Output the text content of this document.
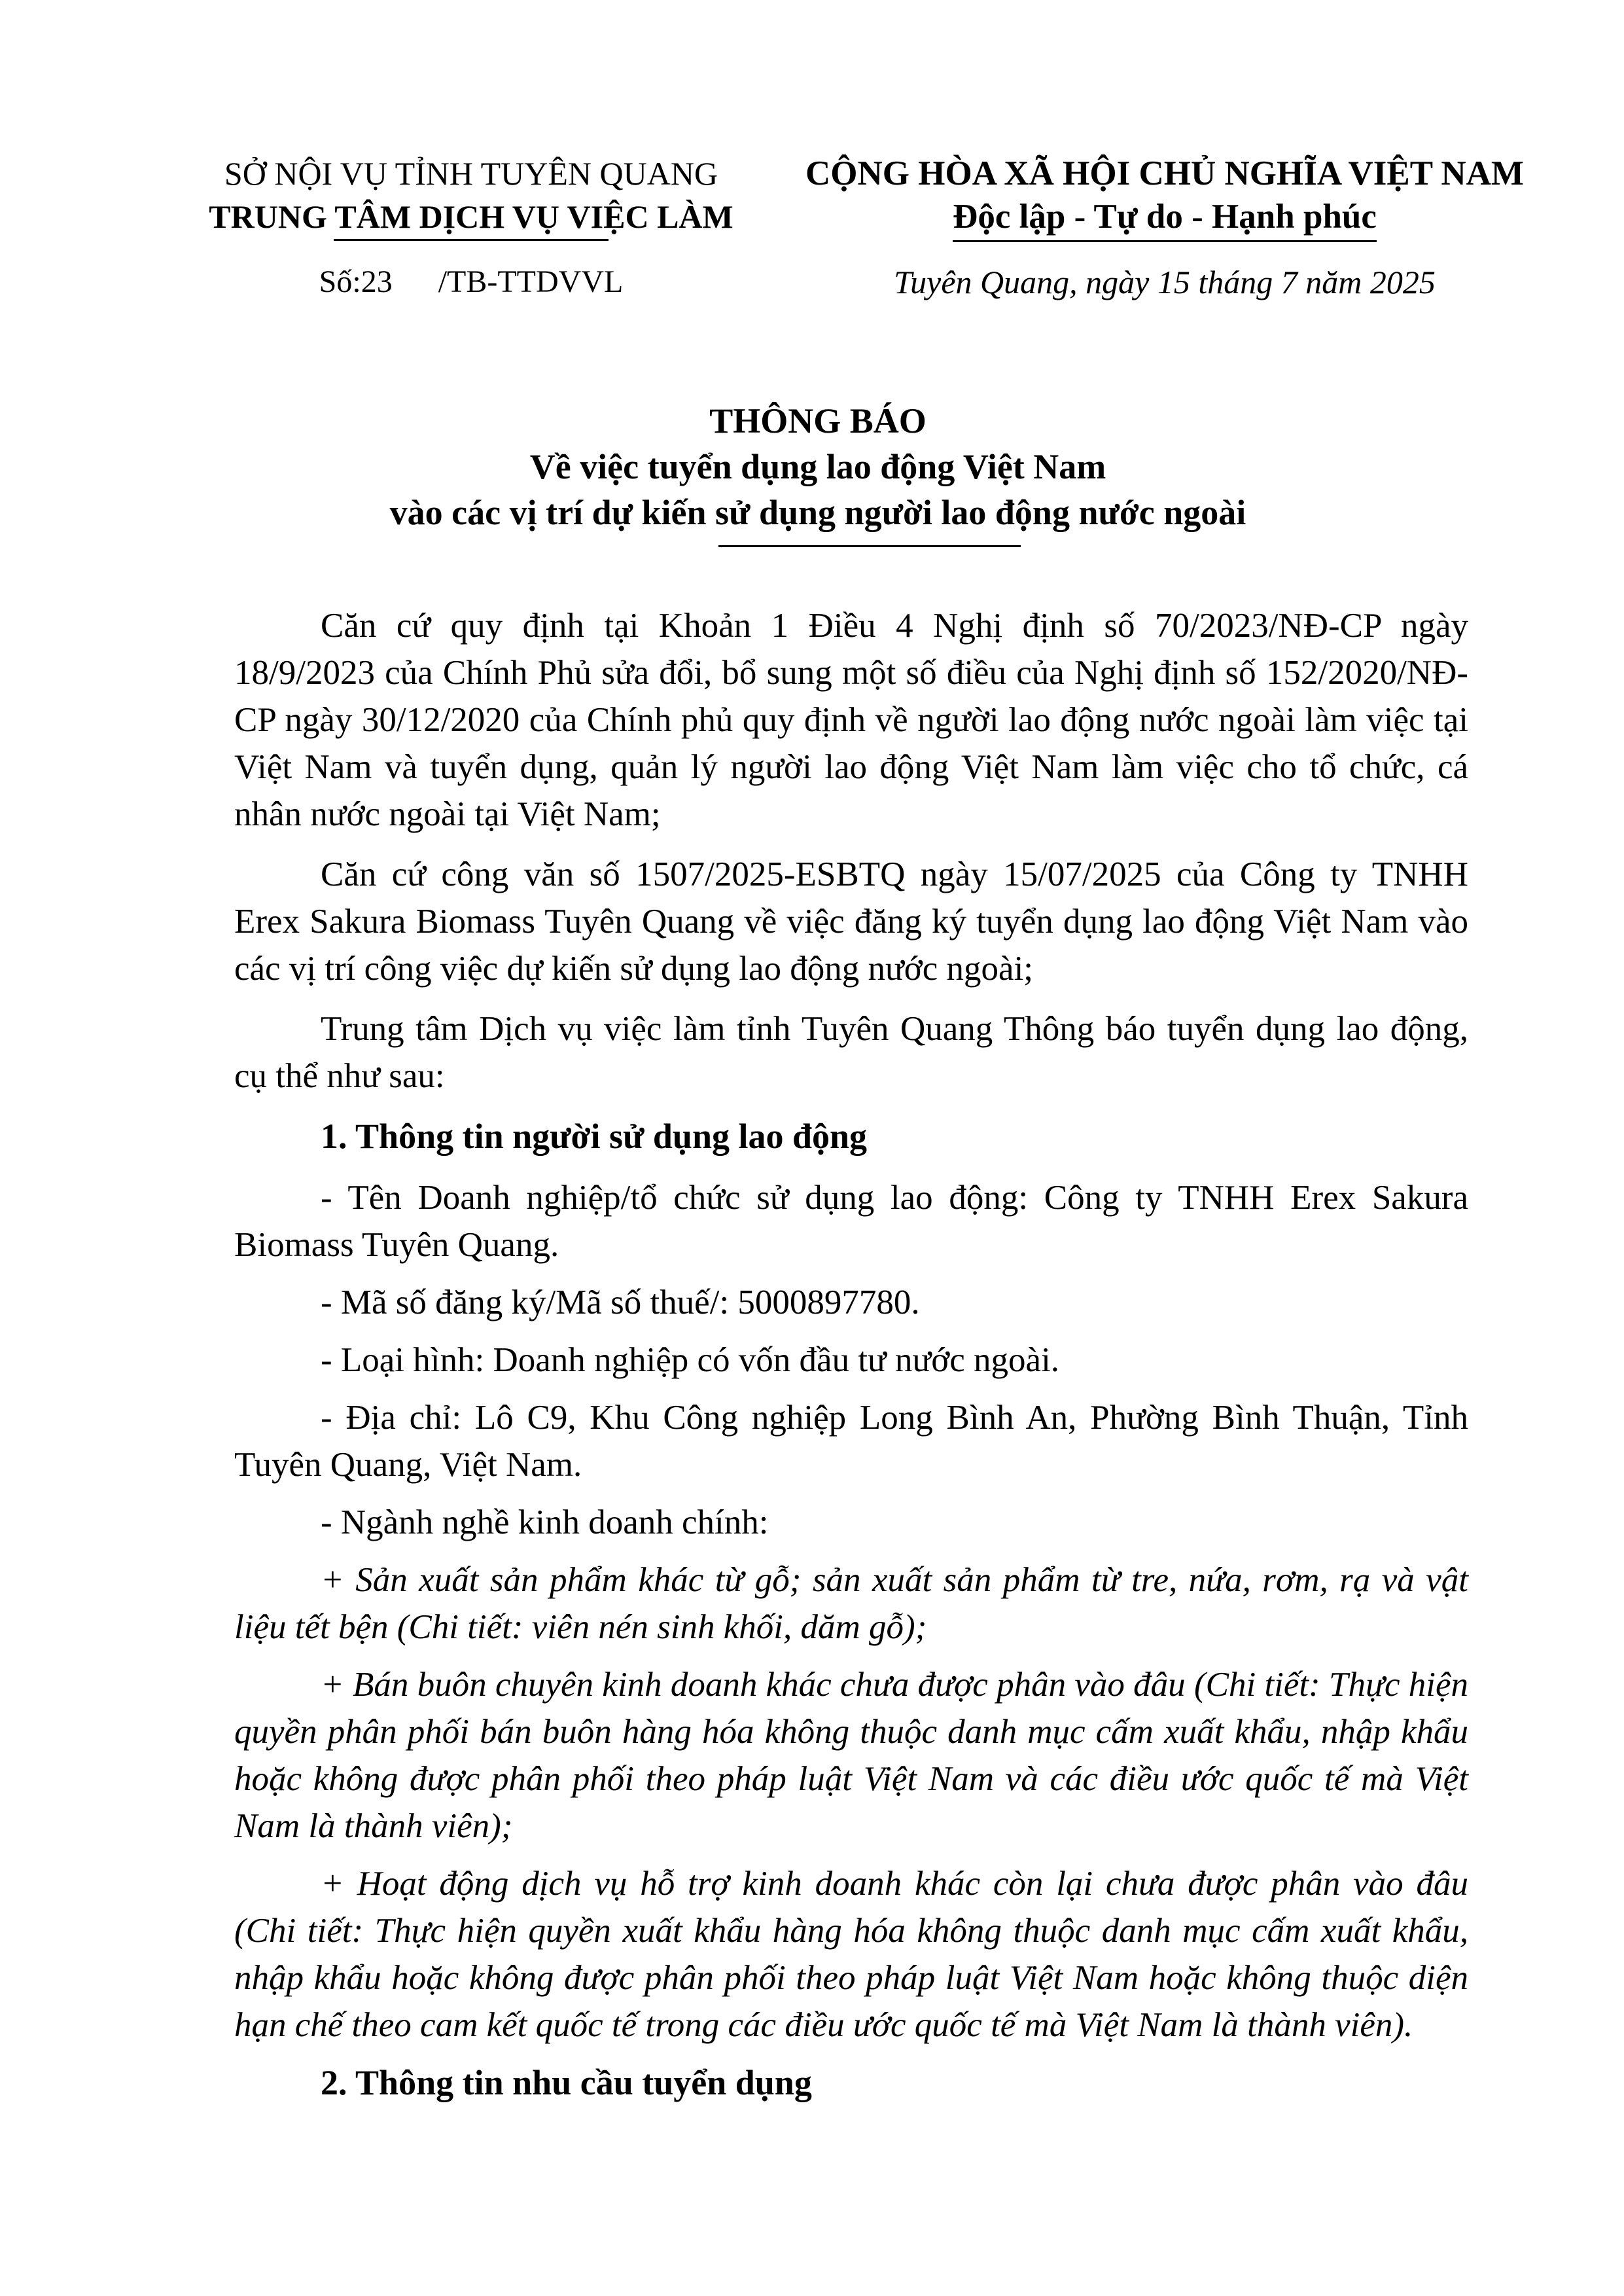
SỞ NỘI VỤ TỈNH TUYÊN QUANG
TRUNG TÂM DỊCH VỤ VIỆC LÀM
Số:23 /TB-TTDVVL
CỘNG HÒA XÃ HỘI CHỦ NGHĨA VIỆT NAM
Độc lập - Tự do - Hạnh phúc
Tuyên Quang, ngày 15 tháng 7 năm 2025
THÔNG BÁO
Về việc tuyển dụng lao động Việt Nam
vào các vị trí dự kiến sử dụng người lao động nước ngoài

Căn cứ quy định tại Khoản 1 Điều 4 Nghị định số 70/2023/NĐ-CP ngày 18/9/2023 của Chính Phủ sửa đổi, bổ sung một số điều của Nghị định số 152/2020/NĐ-CP ngày 30/12/2020 của Chính phủ quy định về người lao động nước ngoài làm việc tại Việt Nam và tuyển dụng, quản lý người lao động Việt Nam làm việc cho tổ chức, cá nhân nước ngoài tại Việt Nam;

Căn cứ công văn số 1507/2025-ESBTQ ngày 15/07/2025 của Công ty TNHH Erex Sakura Biomass Tuyên Quang về việc đăng ký tuyển dụng lao động Việt Nam vào các vị trí công việc dự kiến sử dụng lao động nước ngoài;

Trung tâm Dịch vụ việc làm tỉnh Tuyên Quang Thông báo tuyển dụng lao động, cụ thể như sau:

1. Thông tin người sử dụng lao động

- Tên Doanh nghiệp/tổ chức sử dụng lao động: Công ty TNHH Erex Sakura Biomass Tuyên Quang.

- Mã số đăng ký/Mã số thuế/: 5000897780.

- Loại hình: Doanh nghiệp có vốn đầu tư nước ngoài.

- Địa chỉ: Lô C9, Khu Công nghiệp Long Bình An, Phường Bình Thuận, Tỉnh Tuyên Quang, Việt Nam.

- Ngành nghề kinh doanh chính:

+ Sản xuất sản phẩm khác từ gỗ; sản xuất sản phẩm từ tre, nứa, rơm, rạ và vật liệu tết bện (Chi tiết: viên nén sinh khối, dăm gỗ);

+ Bán buôn chuyên kinh doanh khác chưa được phân vào đâu (Chi tiết: Thực hiện quyền phân phối bán buôn hàng hóa không thuộc danh mục cấm xuất khẩu, nhập khẩu hoặc không được phân phối theo pháp luật Việt Nam và các điều ước quốc tế mà Việt Nam là thành viên);

+ Hoạt động dịch vụ hỗ trợ kinh doanh khác còn lại chưa được phân vào đâu (Chi tiết: Thực hiện quyền xuất khẩu hàng hóa không thuộc danh mục cấm xuất khẩu, nhập khẩu hoặc không được phân phối theo pháp luật Việt Nam hoặc không thuộc diện hạn chế theo cam kết quốc tế trong các điều ước quốc tế mà Việt Nam là thành viên).

2. Thông tin nhu cầu tuyển dụng
